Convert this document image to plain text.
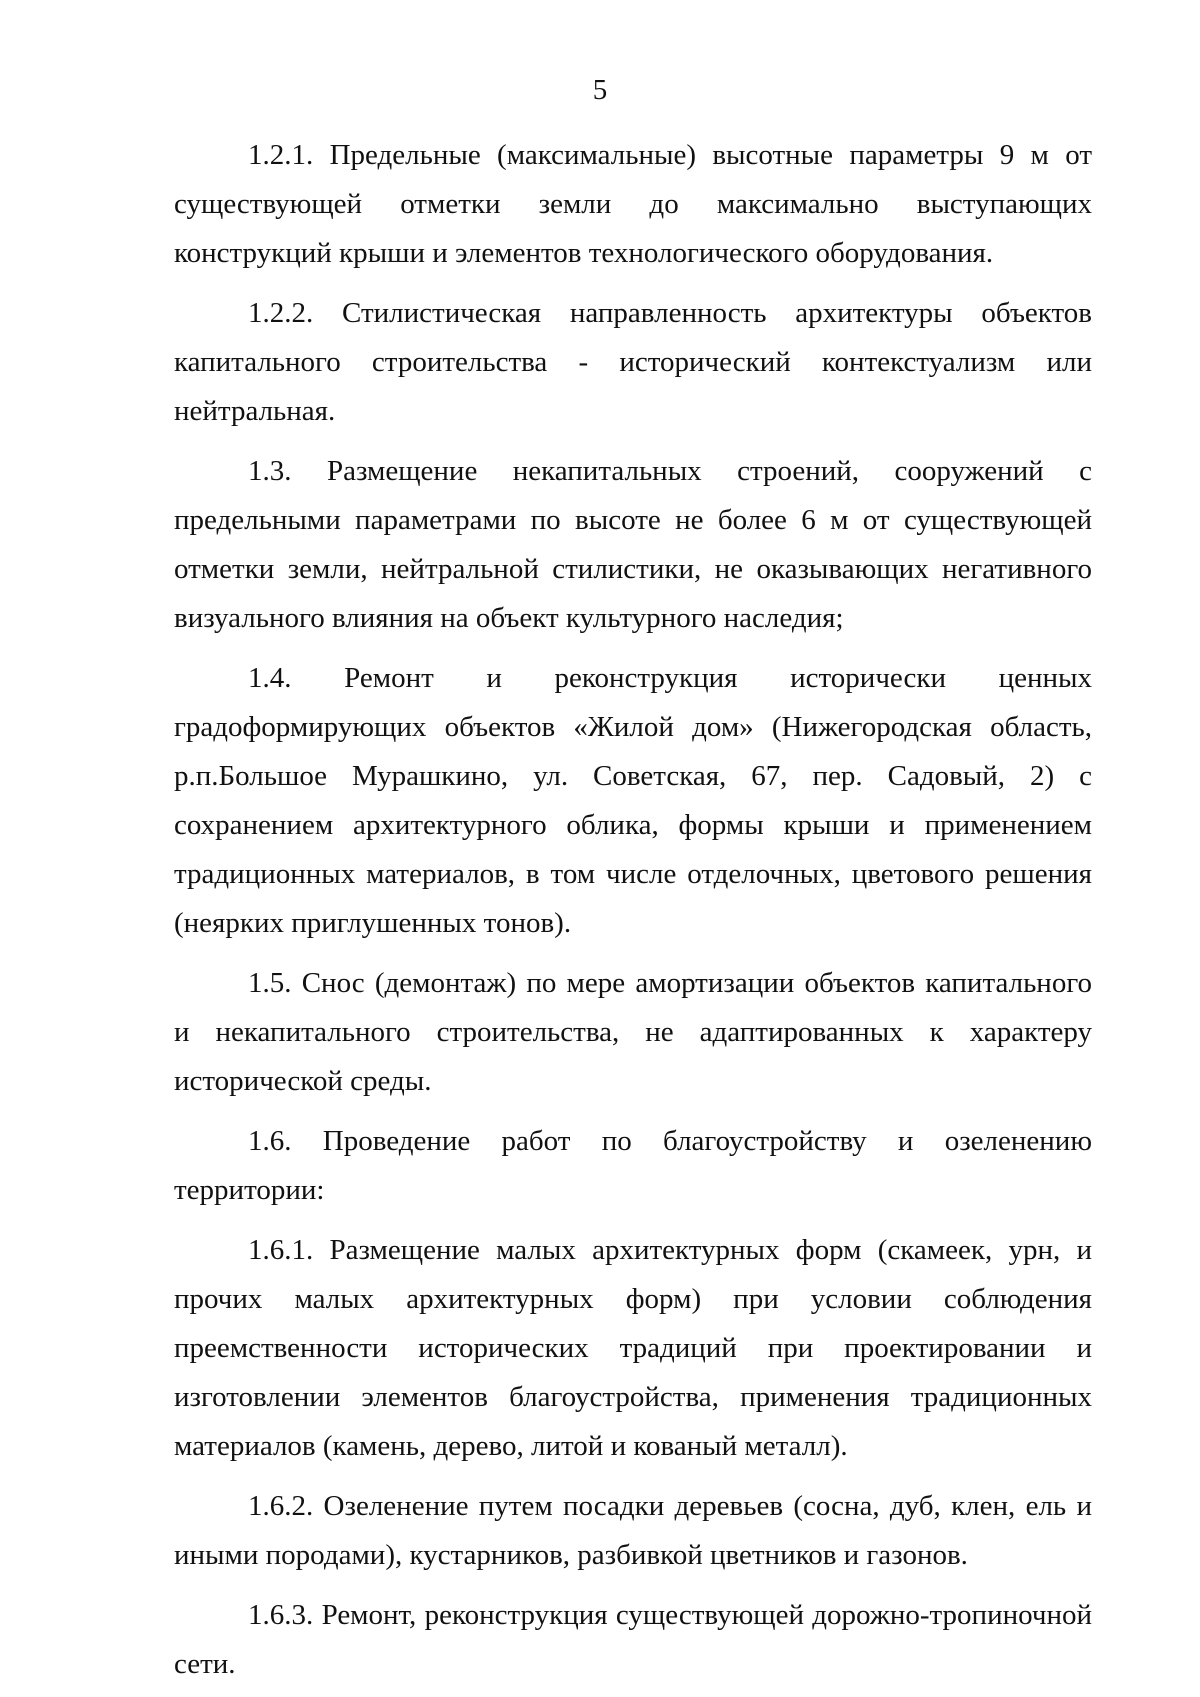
5

1.2.1. Предельные (максимальные) высотные параметры 9 м от существующей отметки земли до максимально выступающих конструкций крыши и элементов технологического оборудования.

1.2.2. Стилистическая направленность архитектуры объектов капитального строительства - исторический контекстуализм или нейтральная.

1.3. Размещение некапитальных строений, сооружений с предельными параметрами по высоте не более 6 м от существующей отметки земли, нейтральной стилистики, не оказывающих негативного визуального влияния на объект культурного наследия;

1.4. Ремонт и реконструкция исторически ценных градоформирующих объектов «Жилой дом» (Нижегородская область, р.п.Большое Мурашкино, ул. Советская, 67, пер. Садовый, 2) с сохранением архитектурного облика, формы крыши и применением традиционных материалов, в том числе отделочных, цветового решения (неярких приглушенных тонов).

1.5. Снос (демонтаж) по мере амортизации объектов капитального и некапитального строительства, не адаптированных к характеру исторической среды.

1.6. Проведение работ по благоустройству и озеленению территории:

1.6.1. Размещение малых архитектурных форм (скамеек, урн, и прочих малых архитектурных форм) при условии соблюдения преемственности исторических традиций при проектировании и изготовлении элементов благоустройства, применения традиционных материалов (камень, дерево, литой и кованый металл).

1.6.2. Озеленение путем посадки деревьев (сосна, дуб, клен, ель и иными породами), кустарников, разбивкой цветников и газонов.

1.6.3. Ремонт, реконструкция существующей дорожно-тропиночной сети.
